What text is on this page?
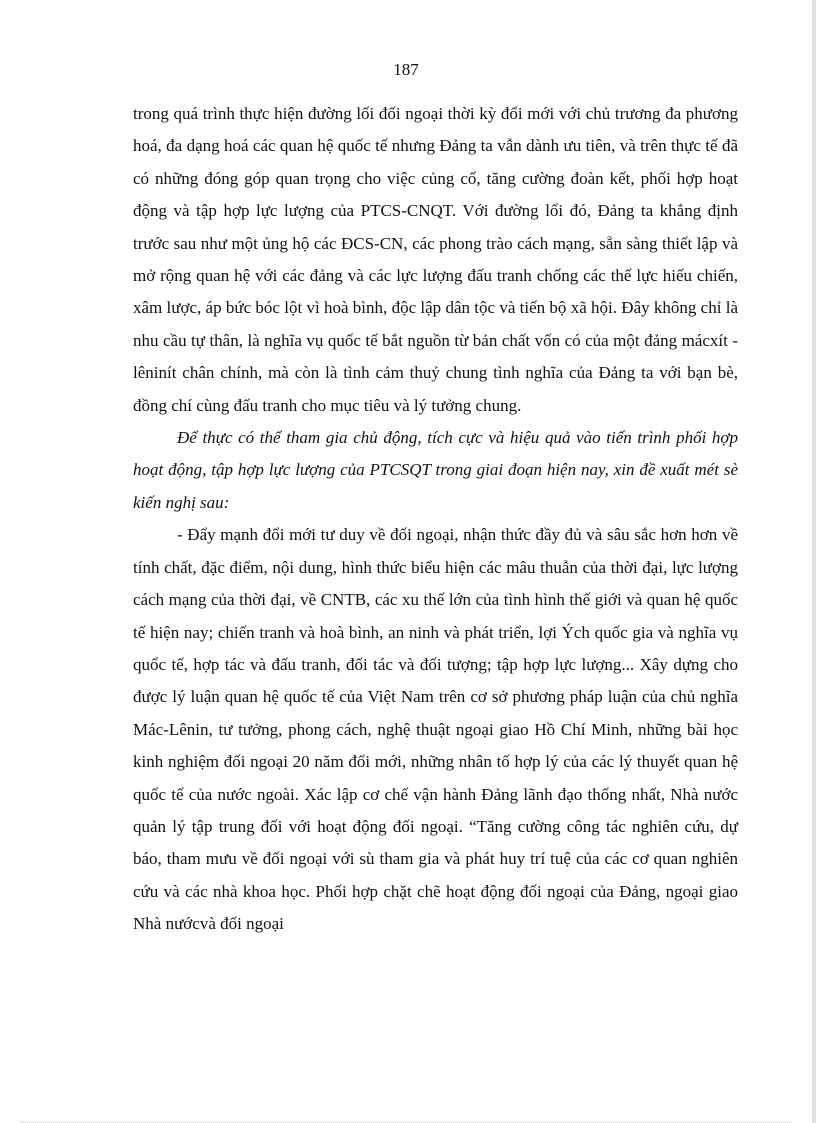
187

trong quá trình thực hiện đường lối đối ngoại thời kỳ đổi mới với chủ trương đa phương hoá, đa dạng hoá các quan hệ quốc tế nhưng Đảng ta vẫn dành ưu tiên, và trên thực tế đã có những đóng góp quan trọng cho việc củng cố, tăng cường đoàn kết, phối hợp hoạt động và tập hợp lực lượng của PTCS-CNQT. Với đường lối đó, Đảng ta khẳng định trước sau như một ủng hộ các ĐCS-CN, các phong trào cách mạng, sẵn sàng thiết lập và mở rộng quan hệ với các đảng và các lực lượng đấu tranh chống các thế lực hiếu chiến, xâm lược, áp bức bóc lột vì hoà bình, độc lập dân tộc và tiến bộ xã hội. Đây không chỉ là nhu cầu tự thân, là nghĩa vụ quốc tế bắt nguồn từ bản chất vốn có của một đảng mácxít - lêninít chân chính, mà còn là tình cảm thuỷ chung tình nghĩa của Đảng ta với bạn bè, đồng chí cùng đấu tranh cho mục tiêu và lý tưởng chung.

Để thực có thể tham gia chủ động, tích cực và hiệu quả vào tiến trình phối hợp hoạt động, tập hợp lực lượng của PTCSQT trong giai đoạn hiện nay, xin đề xuất mét sè kiến nghị sau:

- Đẩy mạnh đổi mới tư duy về đối ngoại, nhận thức đầy đủ và sâu sắc hơn hơn về tính chất, đặc điểm, nội dung, hình thức biểu hiện các mâu thuẫn của thời đại, lực lượng cách mạng của thời đại, về CNTB, các xu thế lớn của tình hình thế giới và quan hệ quốc tế hiện nay; chiến tranh và hoà bình, an ninh và phát triển, lợi Ých quốc gia và nghĩa vụ quốc tế, hợp tác và đấu tranh, đối tác và đối tượng; tập hợp lực lượng... Xây dựng cho được lý luận quan hệ quốc tế của Việt Nam trên cơ sở phương pháp luận của chủ nghĩa Mác-Lênin, tư tưởng, phong cách, nghệ thuật ngoại giao Hồ Chí Minh, những bài học kinh nghiệm đối ngoại 20 năm đổi mới, những nhân tố hợp lý của các lý thuyết quan hệ quốc tế của nước ngoài. Xác lập cơ chế vận hành Đảng lãnh đạo thống nhất, Nhà nước quản lý tập trung đối với hoạt động đối ngoại. “Tăng cường công tác nghiên cứu, dự báo, tham mưu về đối ngoại với sù tham gia và phát huy trí tuệ của các cơ quan nghiên cứu và các nhà khoa học. Phối hợp chặt chẽ hoạt động đối ngoại của Đảng, ngoại giao Nhà nướcvà đối ngoại
